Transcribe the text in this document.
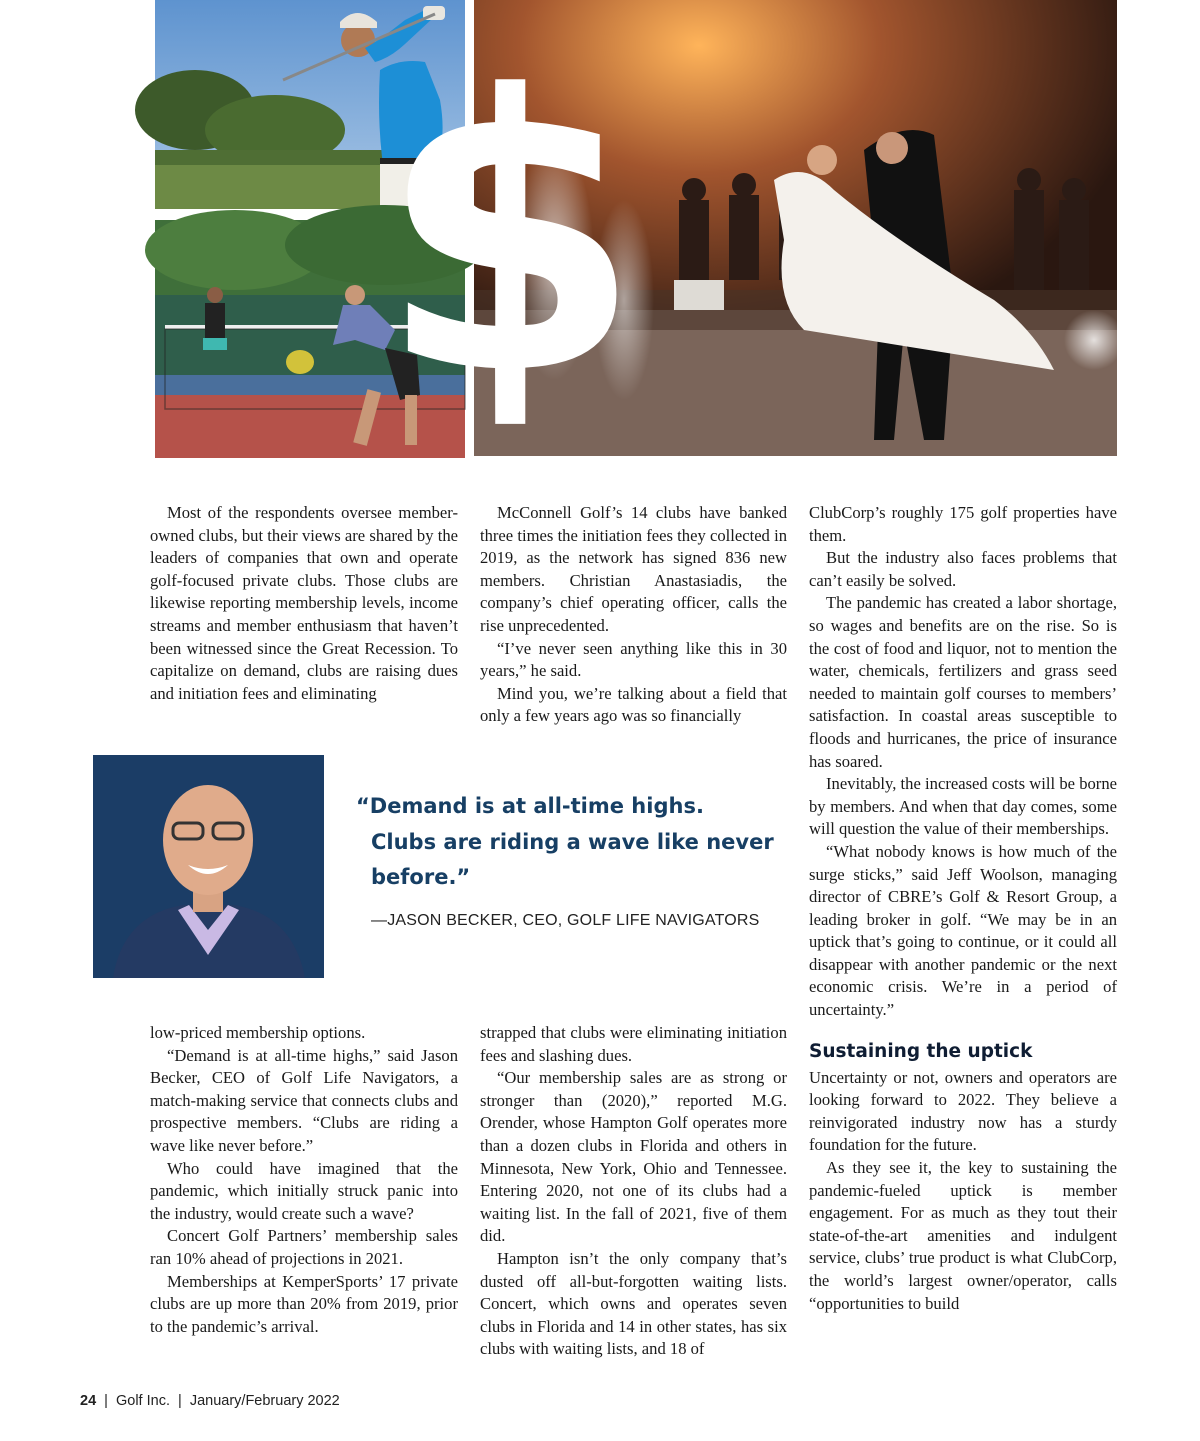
$

Most of the respondents oversee member-owned clubs, but their views are shared by the leaders of companies that own and operate golf-focused private clubs. Those clubs are likewise reporting membership levels, income streams and member enthusiasm that haven’t been witnessed since the Great Recession. To capitalize on demand, clubs are raising dues and initiation fees and eliminating

McConnell Golf’s 14 clubs have banked three times the initiation fees they collected in 2019, as the network has signed 836 new members. Christian Anastasiadis, the company’s chief operating officer, calls the rise unprecedented.

“I’ve never seen anything like this in 30 years,” he said.

Mind you, we’re talking about a field that only a few years ago was so financially

“Demand is at all-time highs. Clubs are riding a wave like never before.”

—JASON BECKER, CEO, GOLF LIFE NAVIGATORS

ClubCorp’s roughly 175 golf properties have them.

But the industry also faces problems that can’t easily be solved.

The pandemic has created a labor shortage, so wages and benefits are on the rise. So is the cost of food and liquor, not to mention the water, chemicals, fertilizers and grass seed needed to maintain golf courses to members’ satisfaction. In coastal areas susceptible to floods and hurricanes, the price of insurance has soared.

Inevitably, the increased costs will be borne by members. And when that day comes, some will question the value of their memberships.

“What nobody knows is how much of the surge sticks,” said Jeff Woolson, managing director of CBRE’s Golf & Resort Group, a leading broker in golf. “We may be in an uptick that’s going to continue, or it could all disappear with another pandemic or the next economic crisis. We’re in a period of uncertainty.”

Sustaining the uptick

Uncertainty or not, owners and operators are looking forward to 2022. They believe a reinvigorated industry now has a sturdy foundation for the future.

As they see it, the key to sustaining the pandemic-fueled uptick is member engagement. For as much as they tout their state-of-the-art amenities and indulgent service, clubs’ true product is what ClubCorp, the world’s largest owner/operator, calls “opportunities to build

low-priced membership options.

“Demand is at all-time highs,” said Jason Becker, CEO of Golf Life Navigators, a match-making service that connects clubs and prospective members. “Clubs are riding a wave like never before.”

Who could have imagined that the pandemic, which initially struck panic into the industry, would create such a wave?

Concert Golf Partners’ membership sales ran 10% ahead of projections in 2021.

Memberships at KemperSports’ 17 private clubs are up more than 20% from 2019, prior to the pandemic’s arrival.

strapped that clubs were eliminating initiation fees and slashing dues.

“Our membership sales are as strong or stronger than (2020),” reported M.G. Orender, whose Hampton Golf operates more than a dozen clubs in Florida and others in Minnesota, New York, Ohio and Tennessee. Entering 2020, not one of its clubs had a waiting list. In the fall of 2021, five of them did.

Hampton isn’t the only company that’s dusted off all-but-forgotten waiting lists. Concert, which owns and operates seven clubs in Florida and 14 in other states, has six clubs with waiting lists, and 18 of

24 | Golf Inc. | January/February 2022
